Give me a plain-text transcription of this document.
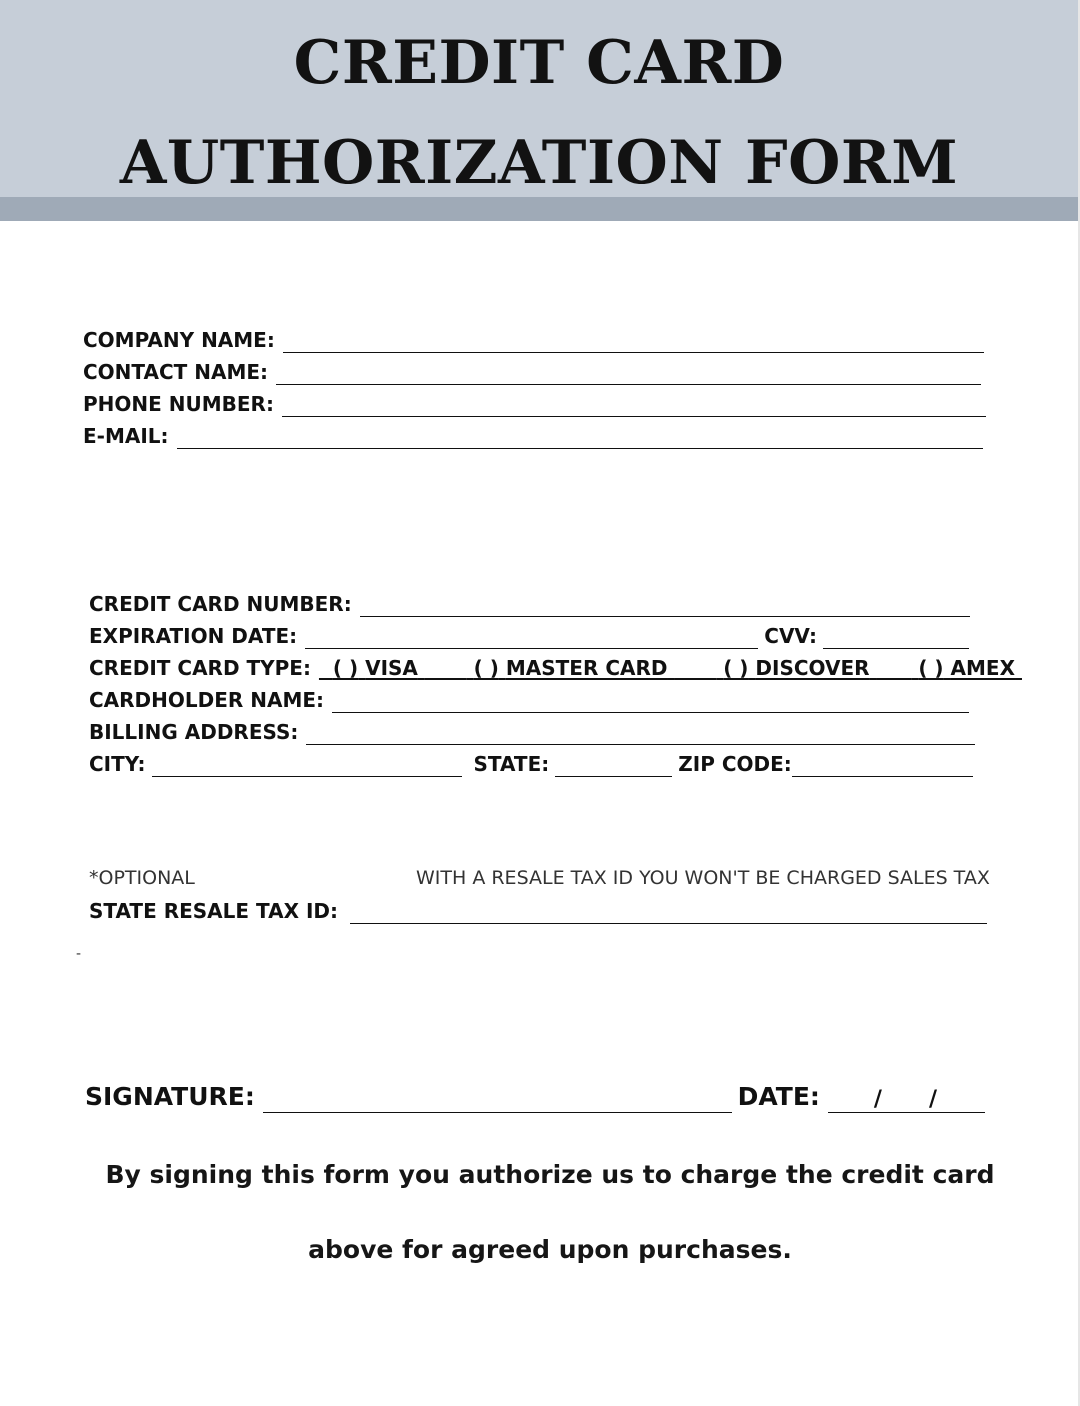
CREDIT CARD
AUTHORIZATION FORM
COMPANY NAME:
CONTACT NAME:
PHONE NUMBER:
E-MAIL:
CREDIT CARD NUMBER:
EXPIRATION DATE:	CVV:
CREDIT CARD TYPE:	( ) VISA	( ) MASTER CARD	( ) DISCOVER ( ) AMEX
CARDHOLDER NAME:
BILLING ADDRESS:
CITY:	STATE:	ZIP CODE:
*OPTIONAL	WITH A RESALE TAX ID YOU WON'T BE CHARGED SALES TAX
STATE RESALE TAX ID:
-
SIGNATURE:	DATE: / /
By signing this form you authorize us to charge the credit card
above for agreed upon purchases.
